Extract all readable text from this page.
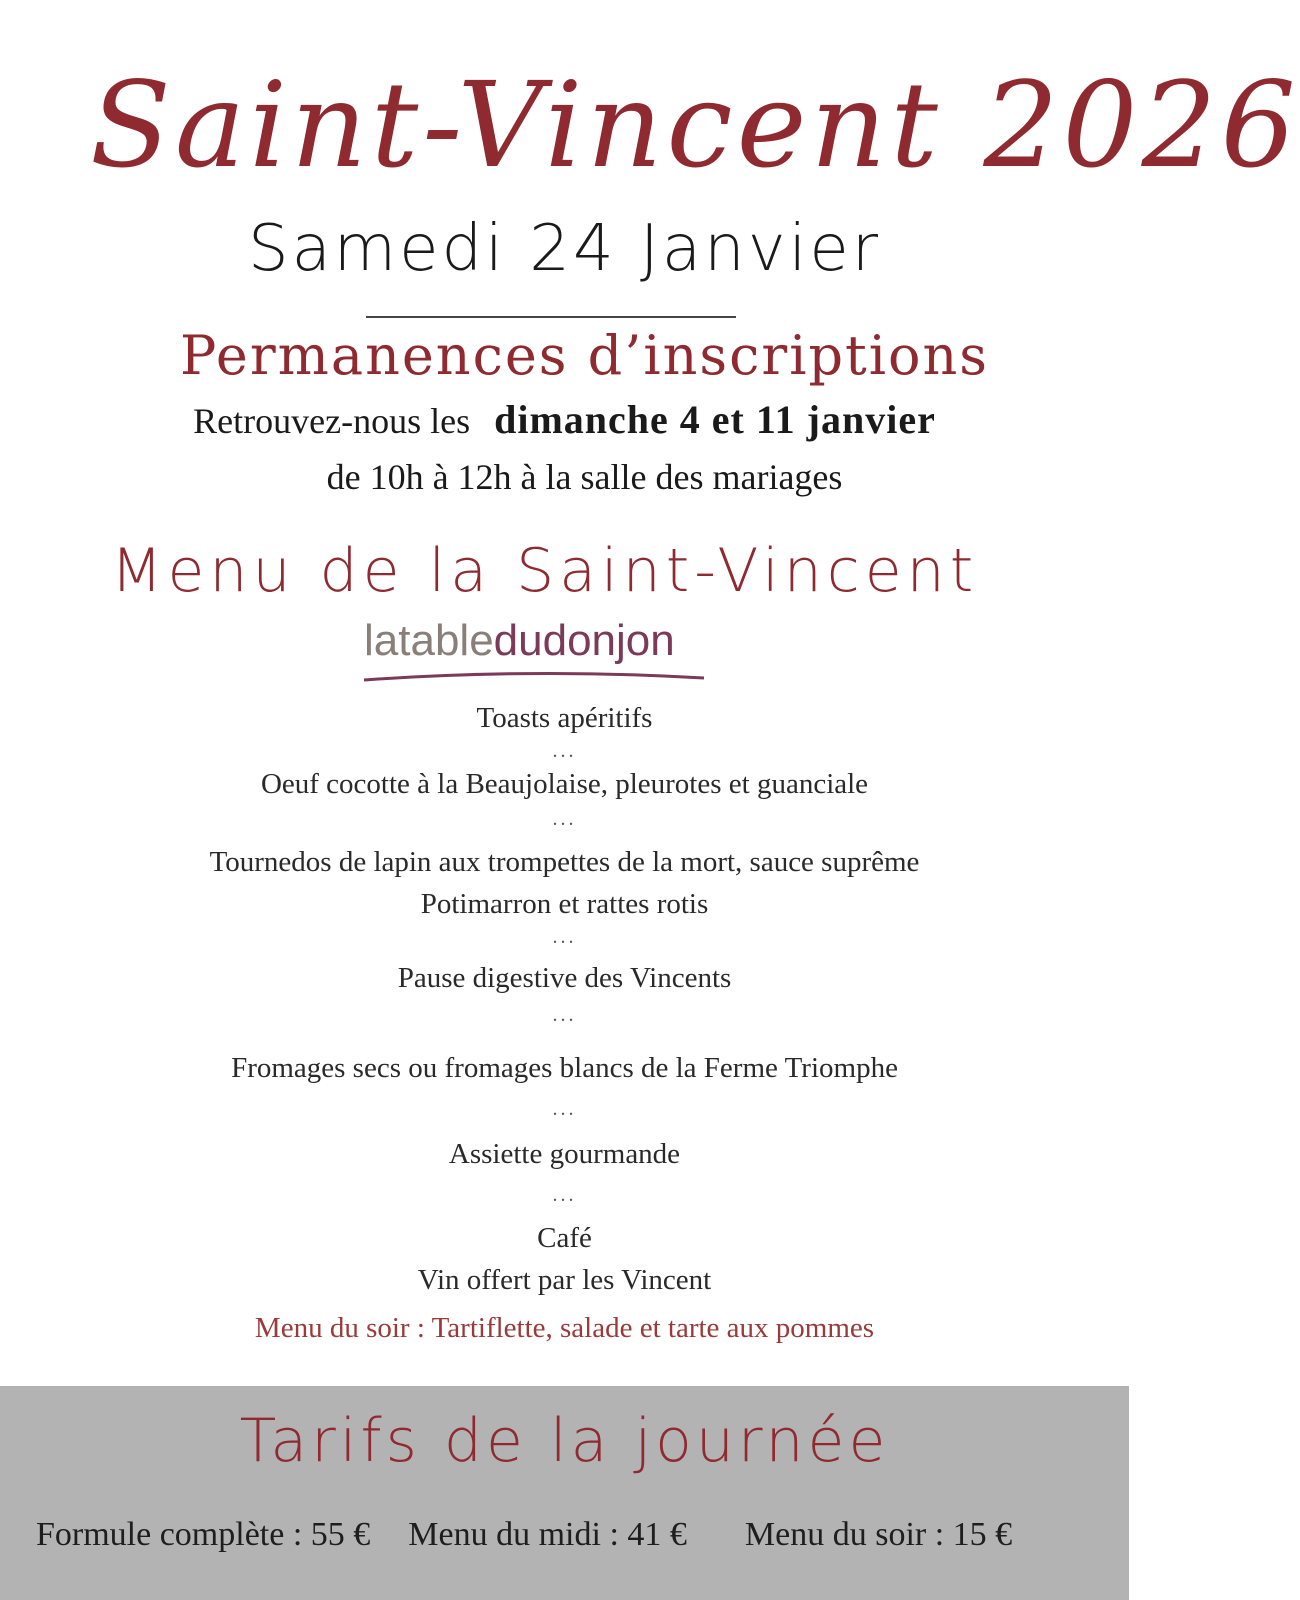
Saint-Vincent 2026
Samedi 24 Janvier
Permanences d’inscriptions
Retrouvez-nous les dimanche 4 et 11 janvier
de 10h à 12h à la salle des mariages
Menu de la Saint-Vincent
latabledudonjon
Toasts apéritifs
...
Oeuf cocotte à la Beaujolaise, pleurotes et guanciale
...
Tournedos de lapin aux trompettes de la mort, sauce suprême
Potimarron et rattes rotis
...
Pause digestive des Vincents
...
Fromages secs ou fromages blancs de la Ferme Triomphe
...
Assiette gourmande
...
Café
Vin offert par les Vincent
Menu du soir : Tartiflette, salade et tarte aux pommes
Tarifs de la journée
Formule complète : 55 € Menu du midi : 41 € Menu du soir : 15 €
